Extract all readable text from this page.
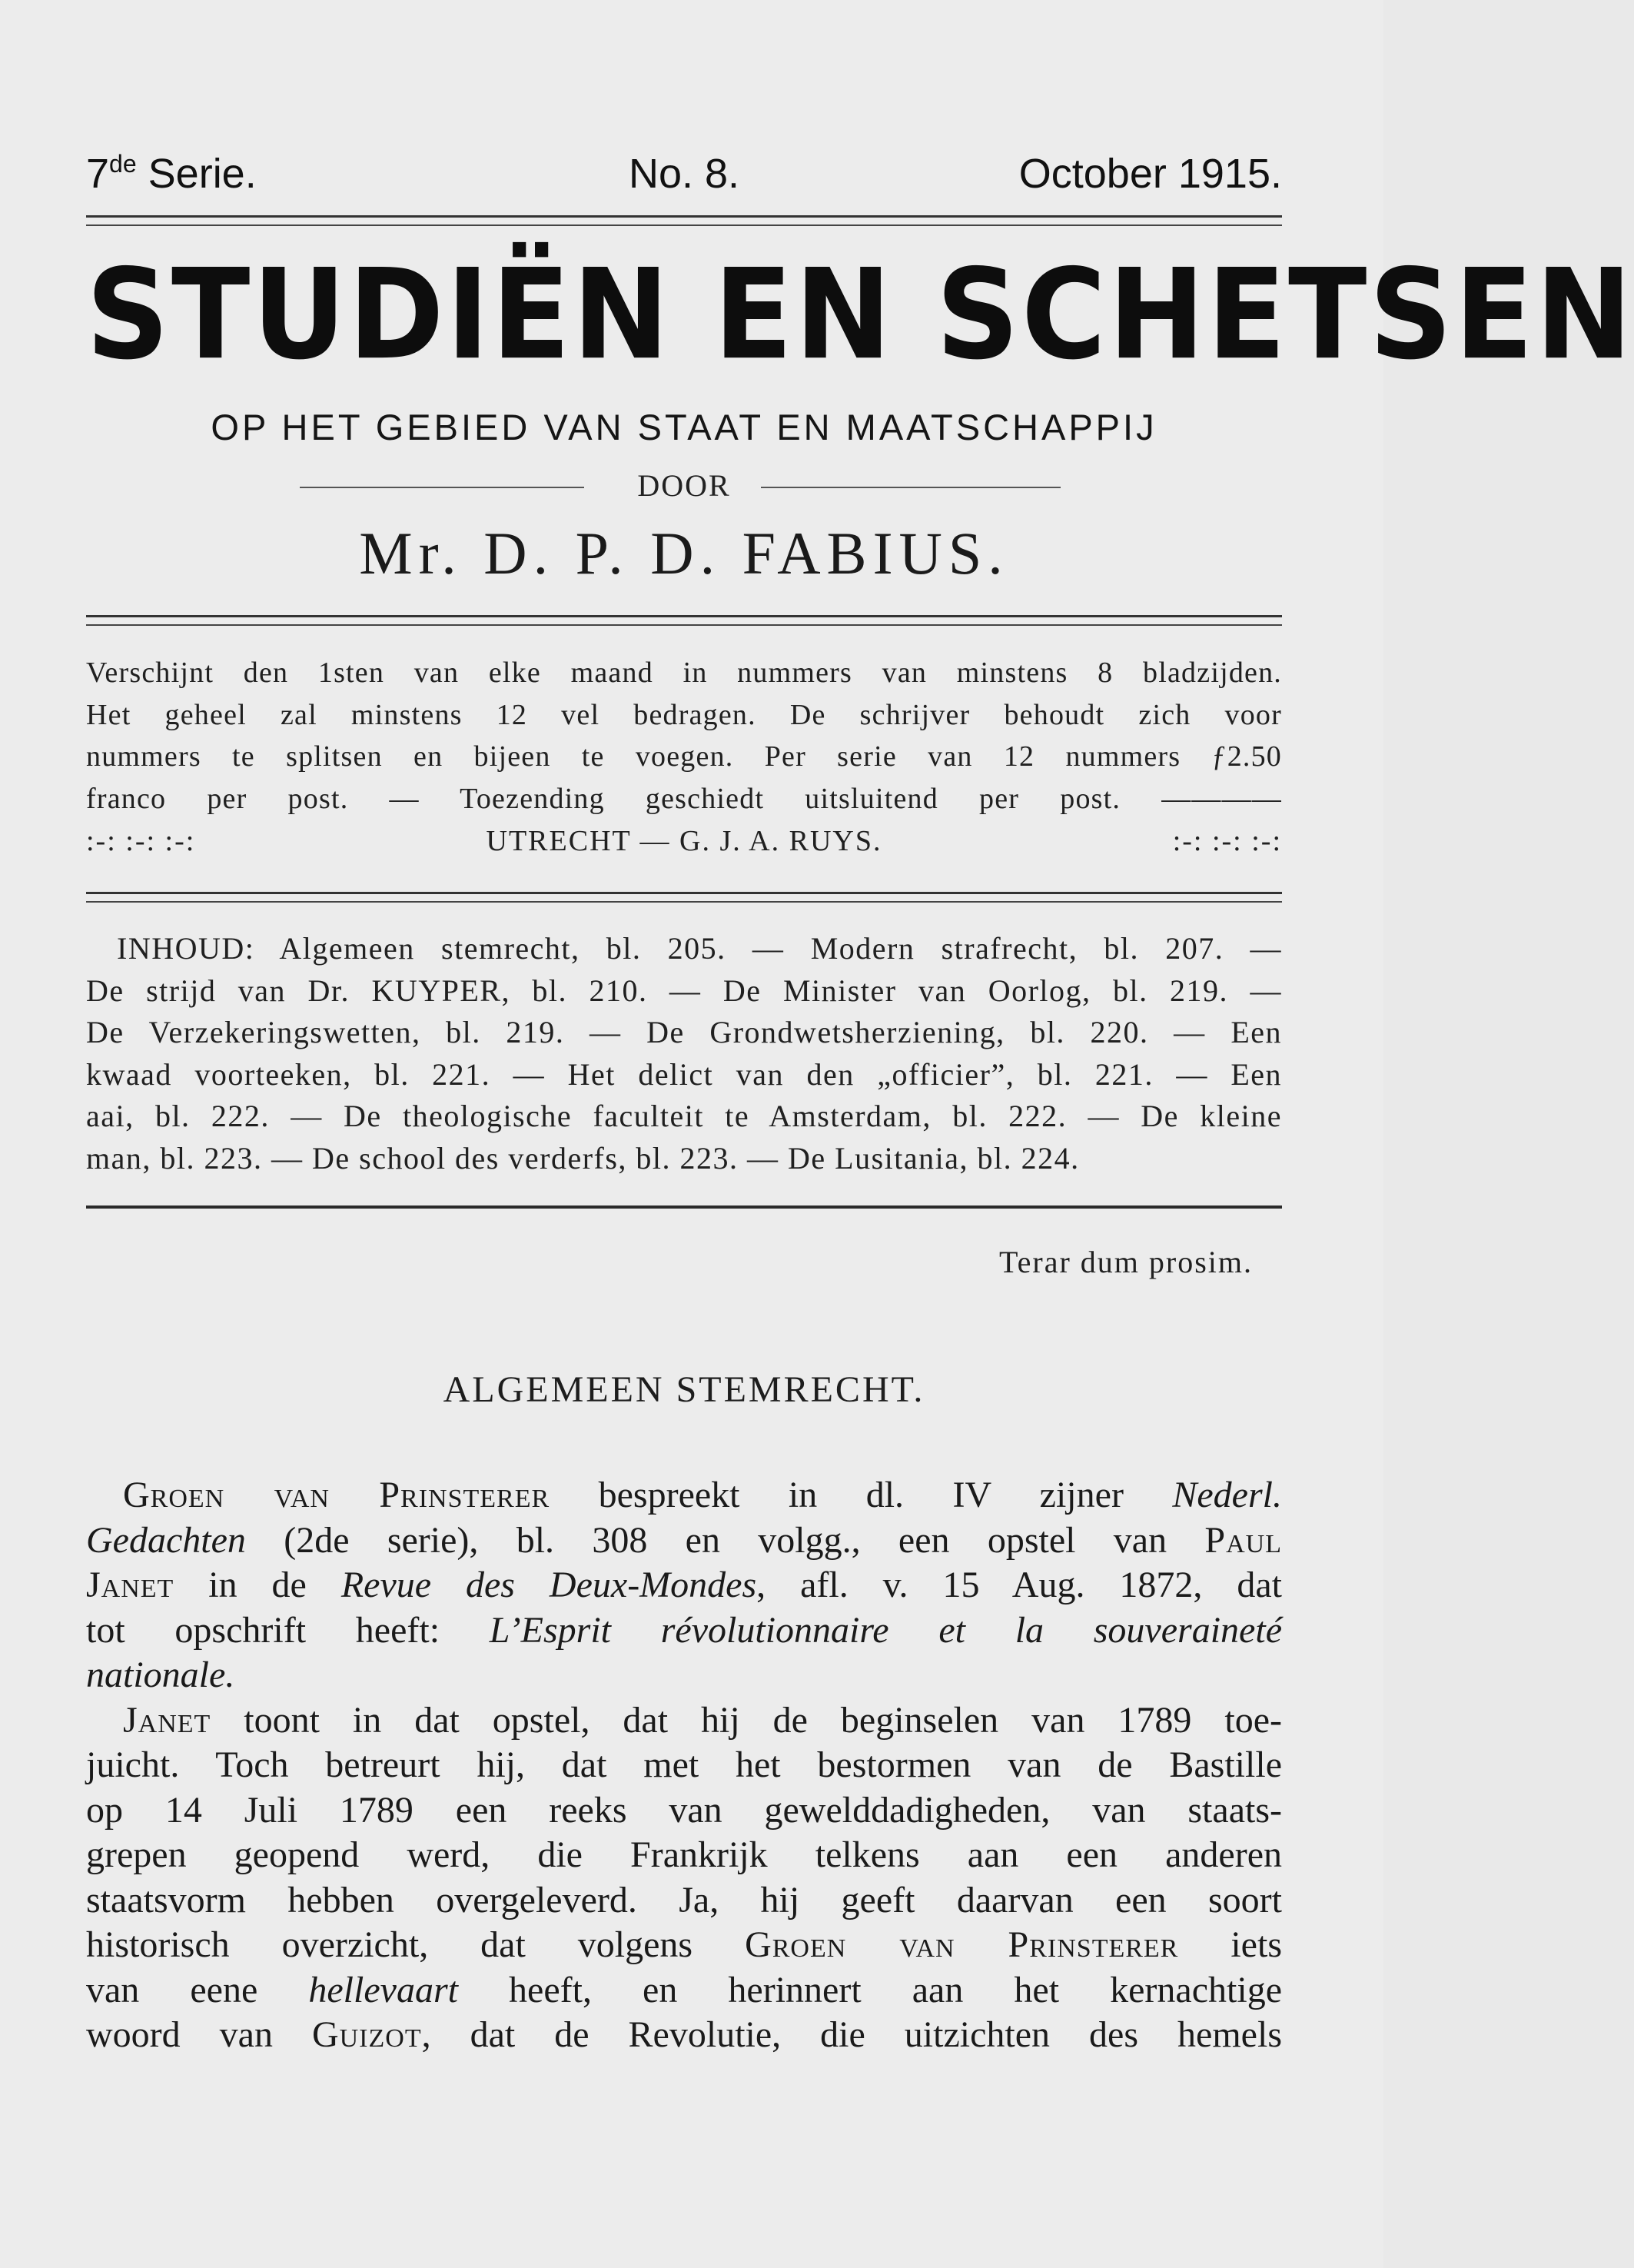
7de Serie.	No. 8.	October 1915.
STUDIËN EN SCHETSEN
OP HET GEBIED VAN STAAT EN MAATSCHAPPIJ
DOOR
Mr. D. P. D. FABIUS.

Verschijnt den 1sten van elke maand in nummers van minstens 8 bladzijden.

Het geheel zal minstens 12 vel bedragen. De schrijver behoudt zich voor

nummers te splitsen en bijeen te voegen. Per serie van 12 nummers ƒ2.50

franco per post. — Toezending geschiedt uitsluitend per post. ————

:-: :-: :-:	UTRECHT — G. J. A. RUYS.	:-: :-: :-:

INHOUD: Algemeen stemrecht, bl. 205. — Modern strafrecht, bl. 207. —

De strijd van Dr. KUYPER, bl. 210. — De Minister van Oorlog, bl. 219. —

De Verzekeringswetten, bl. 219. — De Grondwetsherziening, bl. 220. — Een

kwaad voorteeken, bl. 221. — Het delict van den „officier”, bl. 221. — Een

aai, bl. 222. — De theologische faculteit te Amsterdam, bl. 222. — De kleine

man, bl. 223. — De school des verderfs, bl. 223. — De Lusitania, bl. 224.

Terar dum prosim.
ALGEMEEN STEMRECHT.

Groen van Prinsterer bespreekt in dl. IV zijner Nederl.

Gedachten (2de serie), bl. 308 en volgg., een opstel van Paul

Janet in de Revue des Deux-Mondes, afl. v. 15 Aug. 1872, dat

tot opschrift heeft: L’Esprit révolutionnaire et la souveraineté

nationale.

Janet toont in dat opstel, dat hij de beginselen van 1789 toe-

juicht. Toch betreurt hij, dat met het bestormen van de Bastille

op 14 Juli 1789 een reeks van gewelddadigheden, van staats-

grepen geopend werd, die Frankrijk telkens aan een anderen

staatsvorm hebben overgeleverd. Ja, hij geeft daarvan een soort

historisch overzicht, dat volgens Groen van Prinsterer iets

van eene hellevaart heeft, en herinnert aan het kernachtige

woord van Guizot, dat de Revolutie, die uitzichten des hemels
